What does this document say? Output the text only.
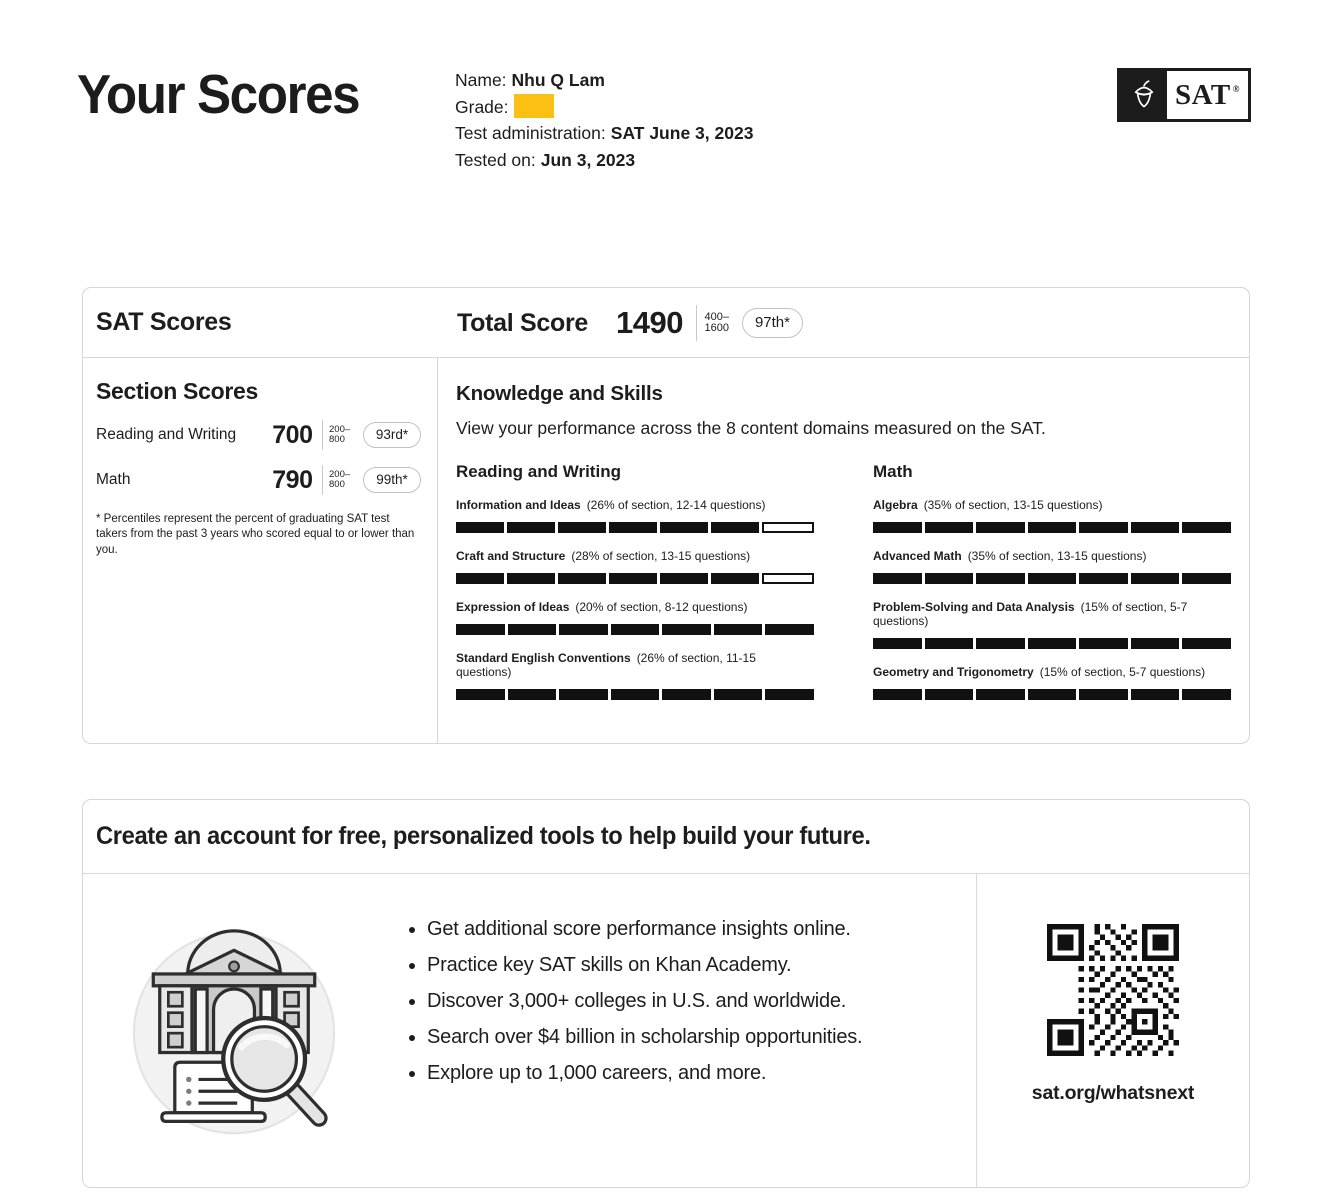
Your Scores	Name: Nhu Q Lam
Grade:
Test administration: SAT June 3, 2023
Tested on: Jun 3, 2023
SAT®
SAT Scores	Total Score 1490 400–
1600	97th*
Section Scores
Reading and Writing	700 200–
800	93rd*
Math	790 200–
800	99th*
* Percentiles represent the percent of graduating SAT test takers from the past 3 years who scored equal to or lower than you.
Knowledge and Skills
View your performance across the 8 content domains measured on the SAT.
Reading and Writing
Information and Ideas (26% of section, 12-14 questions)
Craft and Structure (28% of section, 13-15 questions)
Expression of Ideas (20% of section, 8-12 questions)
Standard English Conventions (26% of section, 11-15 questions)
Math
Algebra (35% of section, 13-15 questions)
Advanced Math (35% of section, 13-15 questions)
Problem-Solving and Data Analysis (15% of section, 5-7 questions)
Geometry and Trigonometry (15% of section, 5-7 questions)
Create an account for free, personalized tools to help build your future.
• Get additional score performance insights online.
• Practice key SAT skills on Khan Academy.
• Discover 3,000+ colleges in U.S. and worldwide.
• Search over $4 billion in scholarship opportunities.
• Explore up to 1,000 careers, and more.
sat.org/whatsnext
